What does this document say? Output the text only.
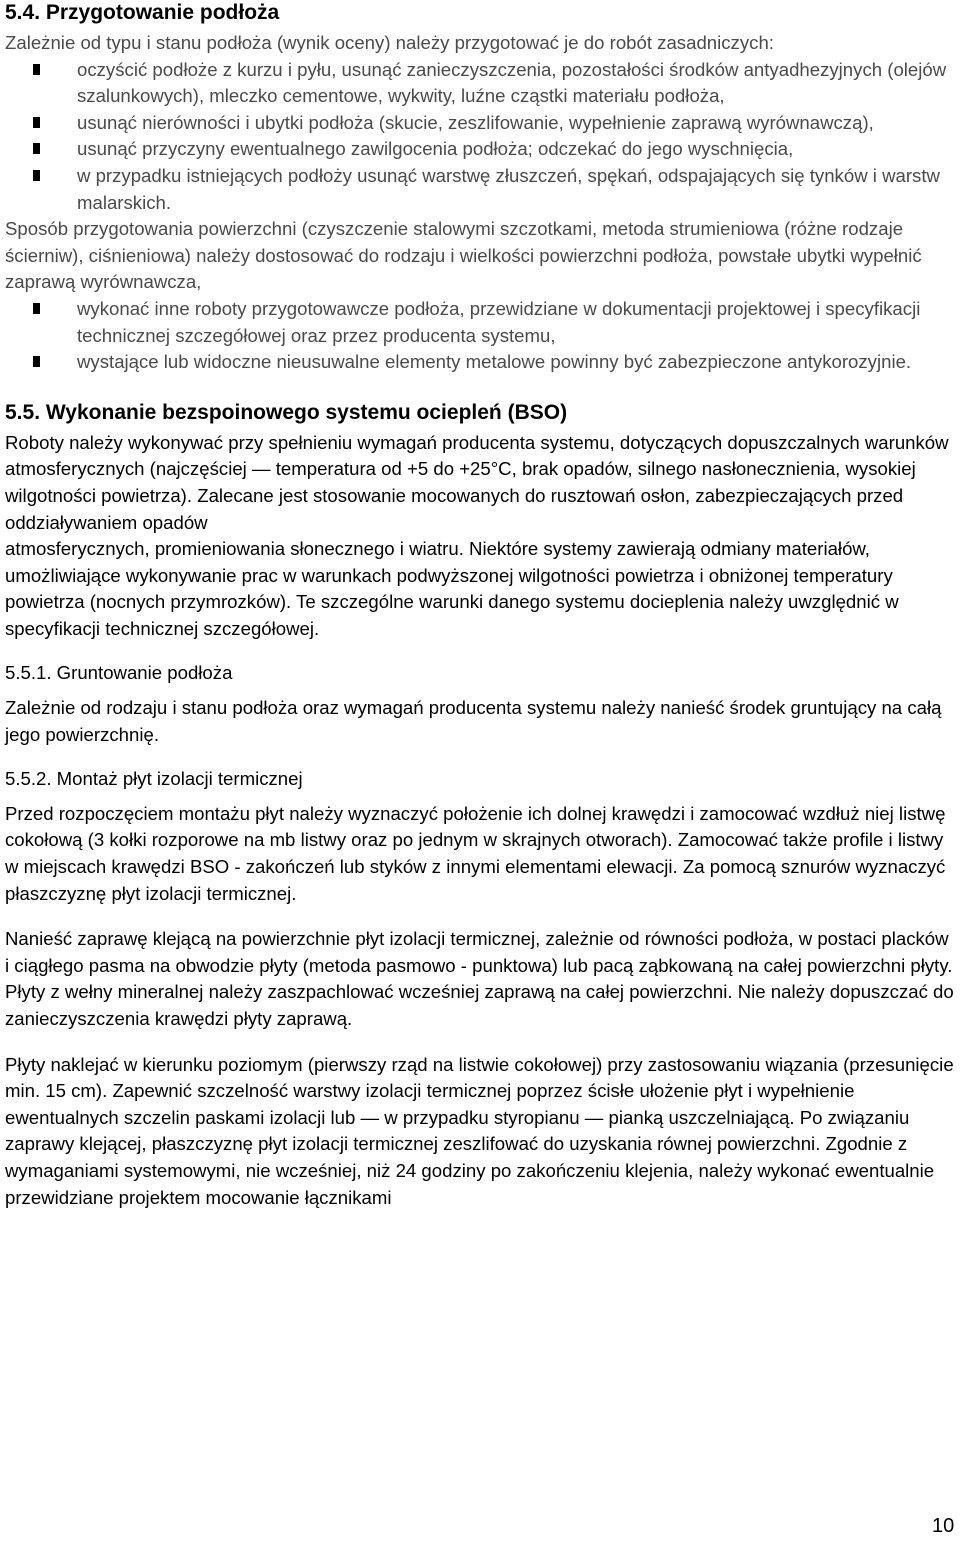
5.4. Przygotowanie podłoża

Zależnie od typu i stanu podłoża (wynik oceny) należy przygotować je do robót zasadniczych:

oczyścić podłoże z kurzu i pyłu, usunąć zanieczyszczenia, pozostałości środków antyadhezyjnych (olejów szalunkowych), mleczko cementowe, wykwity, luźne cząstki materiału podłoża,
usunąć nierówności i ubytki podłoża (skucie, zeszlifowanie, wypełnienie zaprawą wyrównawczą),
usunąć przyczyny ewentualnego zawilgocenia podłoża; odczekać do jego wyschnięcia,
w przypadku istniejących podłoży usunąć warstwę złuszczeń, spękań, odspajających się tynków i warstw malarskich.

Sposób przygotowania powierzchni (czyszczenie stalowymi szczotkami, metoda strumieniowa (różne rodzaje ścierniw), ciśnieniowa) należy dostosować do rodzaju i wielkości powierzchni podłoża, powstałe ubytki wypełnić zaprawą wyrównawcza,

wykonać inne roboty przygotowawcze podłoża, przewidziane w dokumentacji projektowej i specyfikacji technicznej szczegółowej oraz przez producenta systemu,
wystające lub widoczne nieusuwalne elementy metalowe powinny być zabezpieczone antykorozyjnie.
5.5. Wykonanie bezspoinowego systemu ociepleń (BSO)

Roboty należy wykonywać przy spełnieniu wymagań producenta systemu, dotyczących dopuszczalnych warunków atmosferycznych (najczęściej — temperatura od +5 do +25°C, brak opadów, silnego nasłonecznienia, wysokiej wilgotności powietrza). Zalecane jest stosowanie mocowanych do rusztowań osłon, zabezpieczających przed oddziaływaniem opadów

atmosferycznych, promieniowania słonecznego i wiatru. Niektóre systemy zawierają odmiany materiałów, umożliwiające wykonywanie prac w warunkach podwyższonej wilgotności powietrza i obniżonej temperatury powietrza (nocnych przymrozków). Te szczególne warunki danego systemu docieplenia należy uwzględnić w specyfikacji technicznej szczegółowej.

5.5.1. Gruntowanie podłoża

Zależnie od rodzaju i stanu podłoża oraz wymagań producenta systemu należy nanieść środek gruntujący na całą jego powierzchnię.

5.5.2. Montaż płyt izolacji termicznej

Przed rozpoczęciem montażu płyt należy wyznaczyć położenie ich dolnej krawędzi i zamocować wzdłuż niej listwę cokołową (3 kołki rozporowe na mb listwy oraz po jednym w skrajnych otworach). Zamocować także profile i listwy w miejscach krawędzi BSO - zakończeń lub styków z innymi elementami elewacji. Za pomocą sznurów wyznaczyć płaszczyznę płyt izolacji termicznej.

Nanieść zaprawę klejącą na powierzchnie płyt izolacji termicznej, zależnie od równości podłoża, w postaci placków i ciągłego pasma na obwodzie płyty (metoda pasmowo - punktowa) lub pacą ząbkowaną na całej powierzchni płyty. Płyty z wełny mineralnej należy zaszpachlować wcześniej zaprawą na całej powierzchni. Nie należy dopuszczać do zanieczyszczenia krawędzi płyty zaprawą.

Płyty naklejać w kierunku poziomym (pierwszy rząd na listwie cokołowej) przy zastosowaniu wiązania (przesunięcie min. 15 cm). Zapewnić szczelność warstwy izolacji termicznej poprzez ścisłe ułożenie płyt i wypełnienie ewentualnych szczelin paskami izolacji lub — w przypadku styropianu — pianką uszczelniającą. Po związaniu zaprawy klejącej, płaszczyznę płyt izolacji termicznej zeszlifować do uzyskania równej powierzchni. Zgodnie z wymaganiami systemowymi, nie wcześniej, niż 24 godziny po zakończeniu klejenia, należy wykonać ewentualnie przewidziane projektem mocowanie łącznikami

10
